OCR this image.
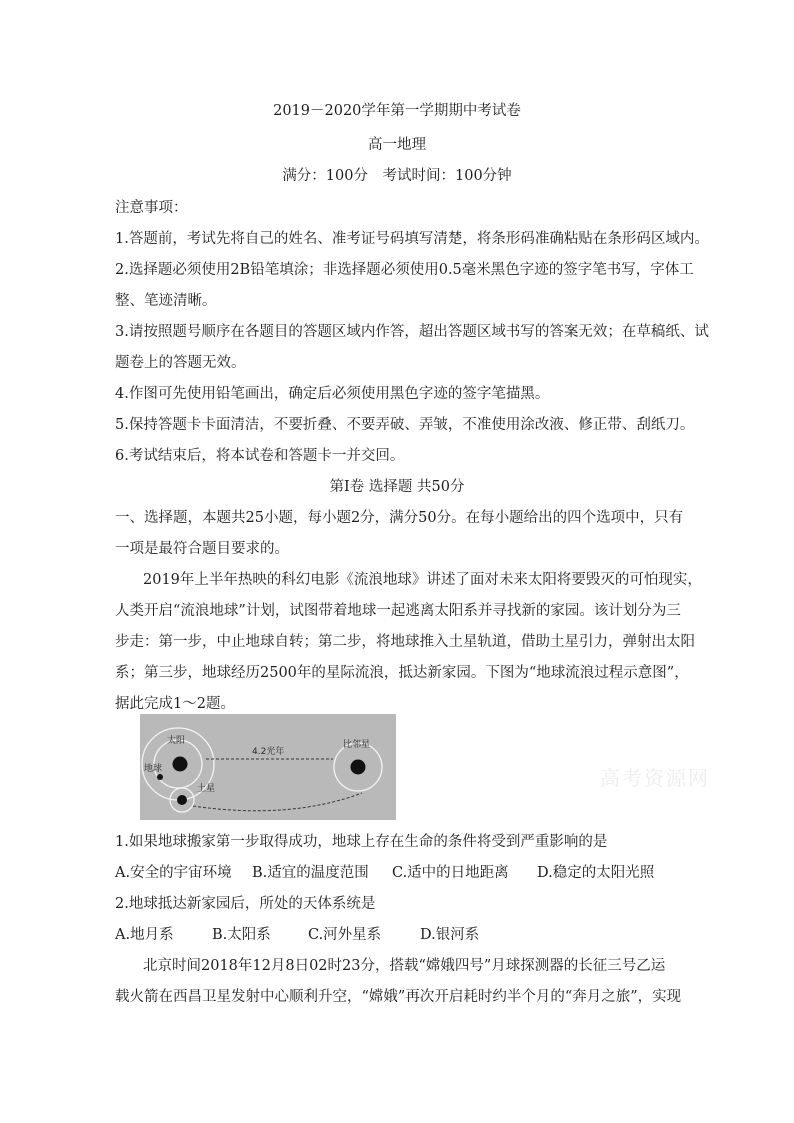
2019－2020学年第一学期期中考试卷
高一地理
满分：100分　考试时间：100分钟
注意事项：
1.答题前，考试先将自己的姓名、准考证号码填写清楚，将条形码准确粘贴在条形码区域内。
2.选择题必须使用2B铅笔填涂；非选择题必须使用0.5毫米黑色字迹的签字笔书写，字体工
整、笔迹清晰。
3.请按照题号顺序在各题目的答题区域内作答，超出答题区域书写的答案无效；在草稿纸、试
题卷上的答题无效。
4.作图可先使用铅笔画出，确定后必须使用黑色字迹的签字笔描黑。
5.保持答题卡卡面清洁，不要折叠、不要弄破、弄皱，不准使用涂改液、修正带、刮纸刀。
6.考试结束后，将本试卷和答题卡一并交回。
第Ⅰ卷 选择题 共50分
一、选择题，本题共25小题，每小题2分，满分50分。在每小题给出的四个选项中，只有
一项是最符合题目要求的。
2019年上半年热映的科幻电影《流浪地球》讲述了面对未来太阳将要毁灭的可怕现实，
人类开启“流浪地球”计划，试图带着地球一起逃离太阳系并寻找新的家园。该计划分为三
步走：第一步，中止地球自转；第二步，将地球推入土星轨道，借助土星引力，弹射出太阳
系；第三步，地球经历2500年的星际流浪，抵达新家园。下图为“地球流浪过程示意图”，
据此完成1～2题。
太阳
地球
4.2光年
比邻星
土星	高考资源网
1.如果地球搬家第一步取得成功，地球上存在生命的条件将受到严重影响的是
A.安全的宇宙环境 B.适宜的温度范围 C.适中的日地距离 D.稳定的太阳光照
2.地球抵达新家园后，所处的天体系统是
A.地月系	B.太阳系	C.河外星系	D.银河系
北京时间2018年12月8日02时23分，搭载“嫦娥四号”月球探测器的长征三号乙运
载火箭在西昌卫星发射中心顺利升空，“嫦娥”再次开启耗时约半个月的“奔月之旅”，实现
